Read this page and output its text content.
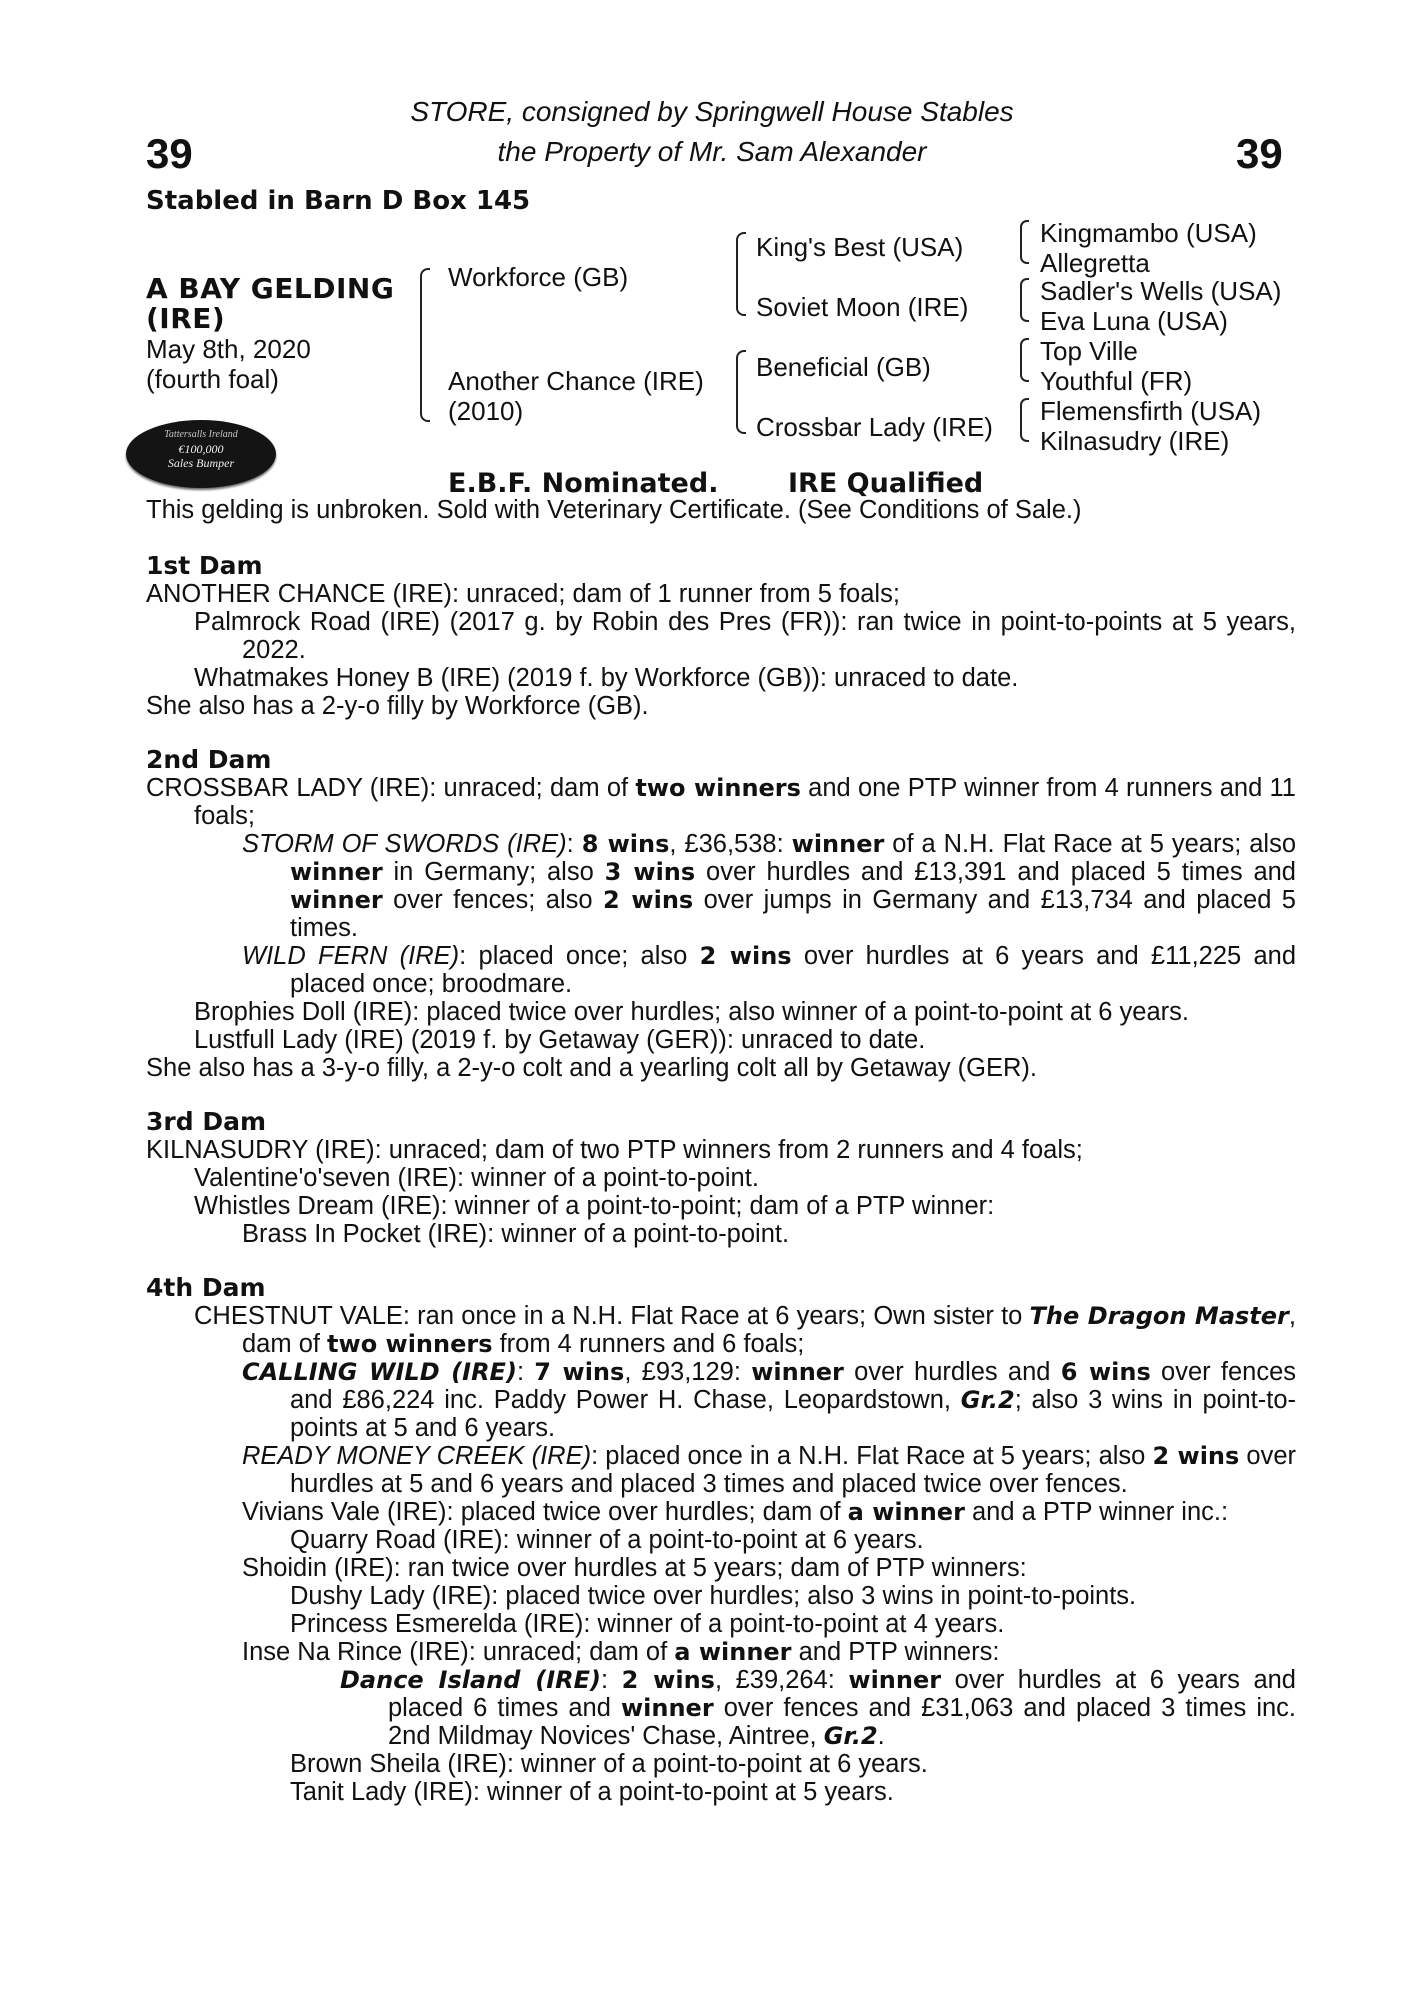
STORE, consigned by Springwell House Stables
the Property of Mr. Sam Alexander
39	39
Stabled in Barn D Box 145
A BAY GELDING
(IRE)
May 8th, 2020
(fourth foal)
Workforce (GB)
Another Chance (IRE)
(2010)
King's Best (USA)
Soviet Moon (IRE)
Beneficial (GB)
Crossbar Lady (IRE)
Kingmambo (USA)
Allegretta
Sadler's Wells (USA)
Eva Luna (USA)
Top Ville
Youthful (FR)
Flemensfirth (USA)
Kilnasudry (IRE)
Tattersalls Ireland
€100,000
Sales Bumper
E.B.F. Nominated.	IRE Qualified
This gelding is unbroken. Sold with Veterinary Certificate. (See Conditions of Sale.)
1st Dam

ANOTHER CHANCE (IRE): unraced; dam of 1 runner from 5 foals;

Palmrock Road (IRE) (2017 g. by Robin des Pres (FR)): ran twice in point-to-points at 5 years, 2022.

Whatmakes Honey B (IRE) (2019 f. by Workforce (GB)): unraced to date.

She also has a 2-y-o filly by Workforce (GB).

2nd Dam

CROSSBAR LADY (IRE): unraced; dam of two winners and one PTP winner from 4 runners and 11 foals;

STORM OF SWORDS (IRE): 8 wins, £36,538: winner of a N.H. Flat Race at 5 years; also winner in Germany; also 3 wins over hurdles and £13,391 and placed 5 times and winner over fences; also 2 wins over jumps in Germany and £13,734 and placed 5 times.

WILD FERN (IRE): placed once; also 2 wins over hurdles at 6 years and £11,225 and placed once; broodmare.

Brophies Doll (IRE): placed twice over hurdles; also winner of a point-to-point at 6 years.

Lustfull Lady (IRE) (2019 f. by Getaway (GER)): unraced to date.

She also has a 3-y-o filly, a 2-y-o colt and a yearling colt all by Getaway (GER).

3rd Dam

KILNASUDRY (IRE): unraced; dam of two PTP winners from 2 runners and 4 foals;

Valentine'o'seven (IRE): winner of a point-to-point.

Whistles Dream (IRE): winner of a point-to-point; dam of a PTP winner:

Brass In Pocket (IRE): winner of a point-to-point.

4th Dam

CHESTNUT VALE: ran once in a N.H. Flat Race at 6 years; Own sister to The Dragon Master, dam of two winners from 4 runners and 6 foals;

CALLING WILD (IRE): 7 wins, £93,129: winner over hurdles and 6 wins over fences and £86,224 inc. Paddy Power H. Chase, Leopardstown, Gr.2; also 3 wins in point-to-points at 5 and 6 years.

READY MONEY CREEK (IRE): placed once in a N.H. Flat Race at 5 years; also 2 wins over hurdles at 5 and 6 years and placed 3 times and placed twice over fences.

Vivians Vale (IRE): placed twice over hurdles; dam of a winner and a PTP winner inc.:

Quarry Road (IRE): winner of a point-to-point at 6 years.

Shoidin (IRE): ran twice over hurdles at 5 years; dam of PTP winners:

Dushy Lady (IRE): placed twice over hurdles; also 3 wins in point-to-points.

Princess Esmerelda (IRE): winner of a point-to-point at 4 years.

Inse Na Rince (IRE): unraced; dam of a winner and PTP winners:

Dance Island (IRE): 2 wins, £39,264: winner over hurdles at 6 years and placed 6 times and winner over fences and £31,063 and placed 3 times inc. 2nd Mildmay Novices' Chase, Aintree, Gr.2.

Brown Sheila (IRE): winner of a point-to-point at 6 years.

Tanit Lady (IRE): winner of a point-to-point at 5 years.
